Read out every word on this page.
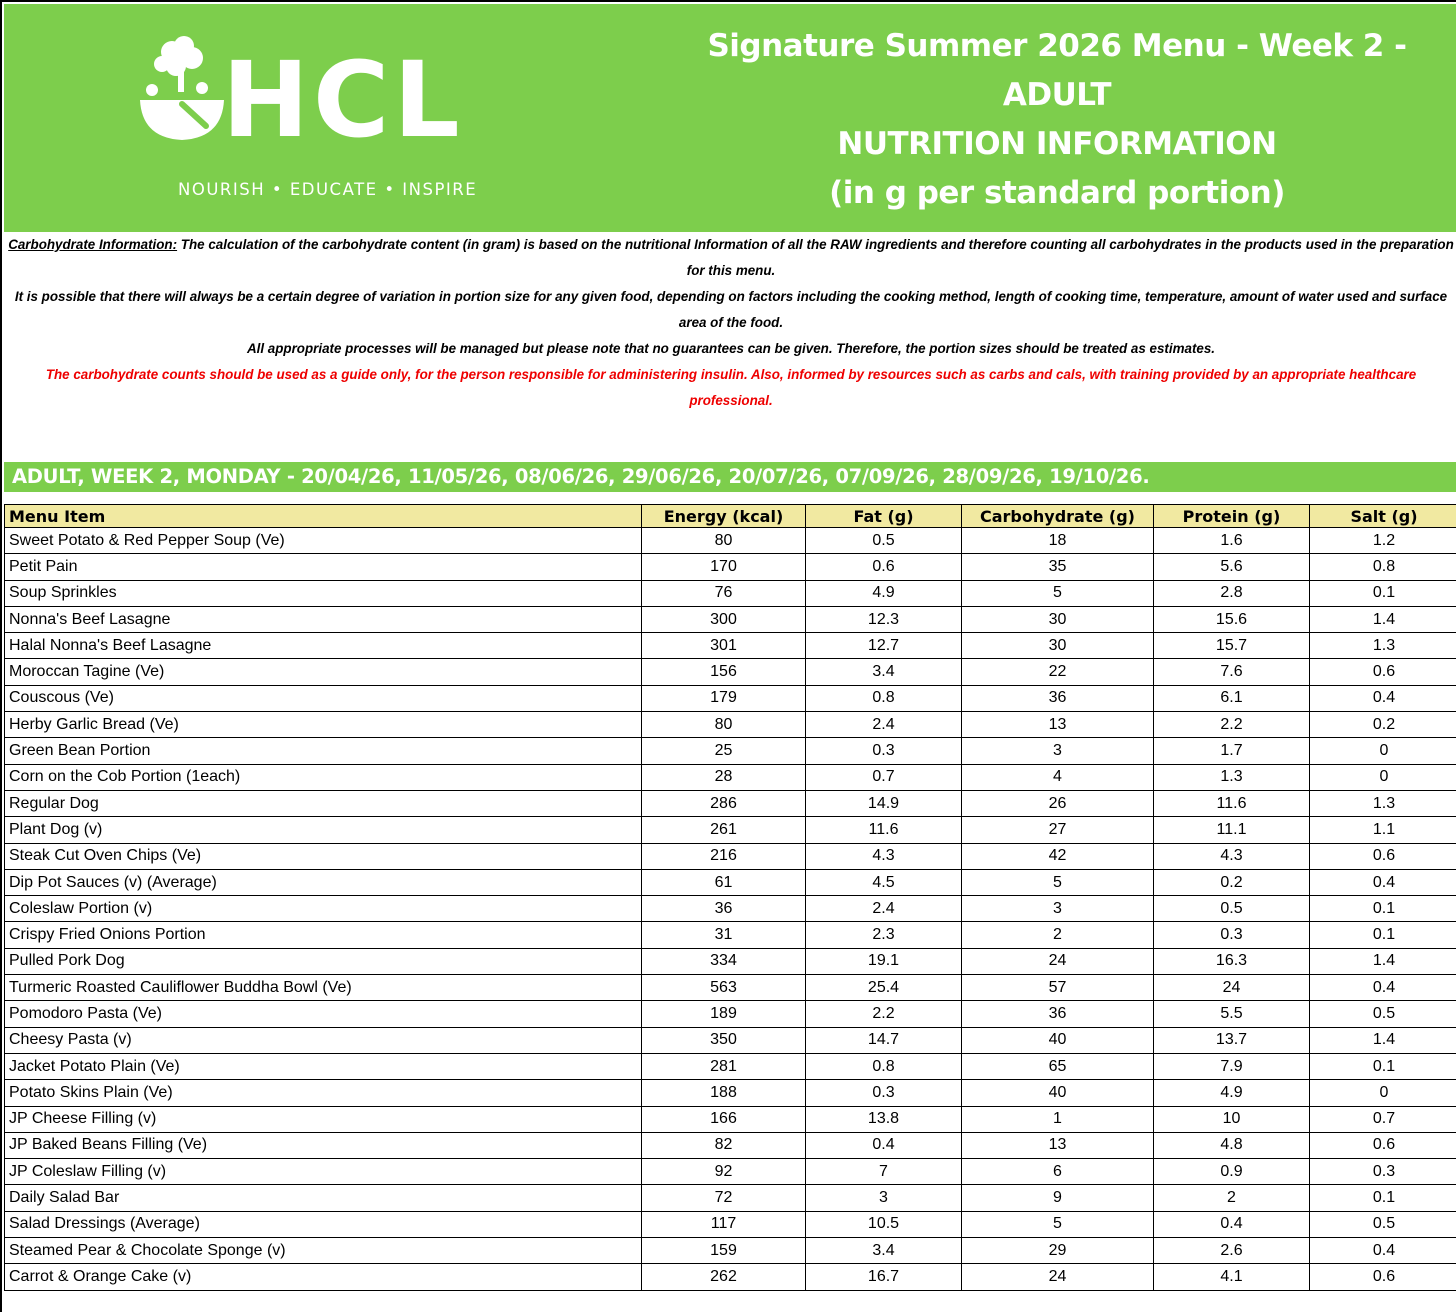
HCL
NOURISH • EDUCATE • INSPIRE
Signature Summer 2026 Menu - Week 2 -
ADULT
NUTRITION INFORMATION
(in g per standard portion)

Carbohydrate Information: The calculation of the carbohydrate content (in gram) is based on the nutritional Information of all the RAW ingredients and therefore counting all carbohydrates in the products used in the preparation for this menu.

It is possible that there will always be a certain degree of variation in portion size for any given food, depending on factors including the cooking method, length of cooking time, temperature, amount of water used and surface area of the food.

All appropriate processes will be managed but please note that no guarantees can be given. Therefore, the portion sizes should be treated as estimates.

The carbohydrate counts should be used as a guide only, for the person responsible for administering insulin. Also, informed by resources such as carbs and cals, with training provided by an appropriate healthcare professional.

ADULT, WEEK 2, MONDAY - 20/04/26, 11/05/26, 08/06/26, 29/06/26, 20/07/26, 07/09/26, 28/09/26, 19/10/26.
Menu Item	Energy (kcal)	Fat (g)	Carbohydrate (g)	Protein (g)	Salt (g)
Sweet Potato & Red Pepper Soup (Ve)	80	0.5	18	1.6	1.2
Petit Pain	170	0.6	35	5.6	0.8
Soup Sprinkles	76	4.9	5	2.8	0.1
Nonna's Beef Lasagne	300	12.3	30	15.6	1.4
Halal Nonna's Beef Lasagne	301	12.7	30	15.7	1.3
Moroccan Tagine (Ve)	156	3.4	22	7.6	0.6
Couscous (Ve)	179	0.8	36	6.1	0.4
Herby Garlic Bread (Ve)	80	2.4	13	2.2	0.2
Green Bean Portion	25	0.3	3	1.7	0
Corn on the Cob Portion (1each)	28	0.7	4	1.3	0
Regular Dog	286	14.9	26	11.6	1.3
Plant Dog (v)	261	11.6	27	11.1	1.1
Steak Cut Oven Chips (Ve)	216	4.3	42	4.3	0.6
Dip Pot Sauces (v) (Average)	61	4.5	5	0.2	0.4
Coleslaw Portion (v)	36	2.4	3	0.5	0.1
Crispy Fried Onions Portion	31	2.3	2	0.3	0.1
Pulled Pork Dog	334	19.1	24	16.3	1.4
Turmeric Roasted Cauliflower Buddha Bowl (Ve)	563	25.4	57	24	0.4
Pomodoro Pasta (Ve)	189	2.2	36	5.5	0.5
Cheesy Pasta (v)	350	14.7	40	13.7	1.4
Jacket Potato Plain (Ve)	281	0.8	65	7.9	0.1
Potato Skins Plain (Ve)	188	0.3	40	4.9	0
JP Cheese Filling (v)	166	13.8	1	10	0.7
JP Baked Beans Filling (Ve)	82	0.4	13	4.8	0.6
JP Coleslaw Filling (v)	92	7	6	0.9	0.3
Daily Salad Bar	72	3	9	2	0.1
Salad Dressings (Average)	117	10.5	5	0.4	0.5
Steamed Pear & Chocolate Sponge (v)	159	3.4	29	2.6	0.4
Carrot & Orange Cake (v)	262	16.7	24	4.1	0.6
